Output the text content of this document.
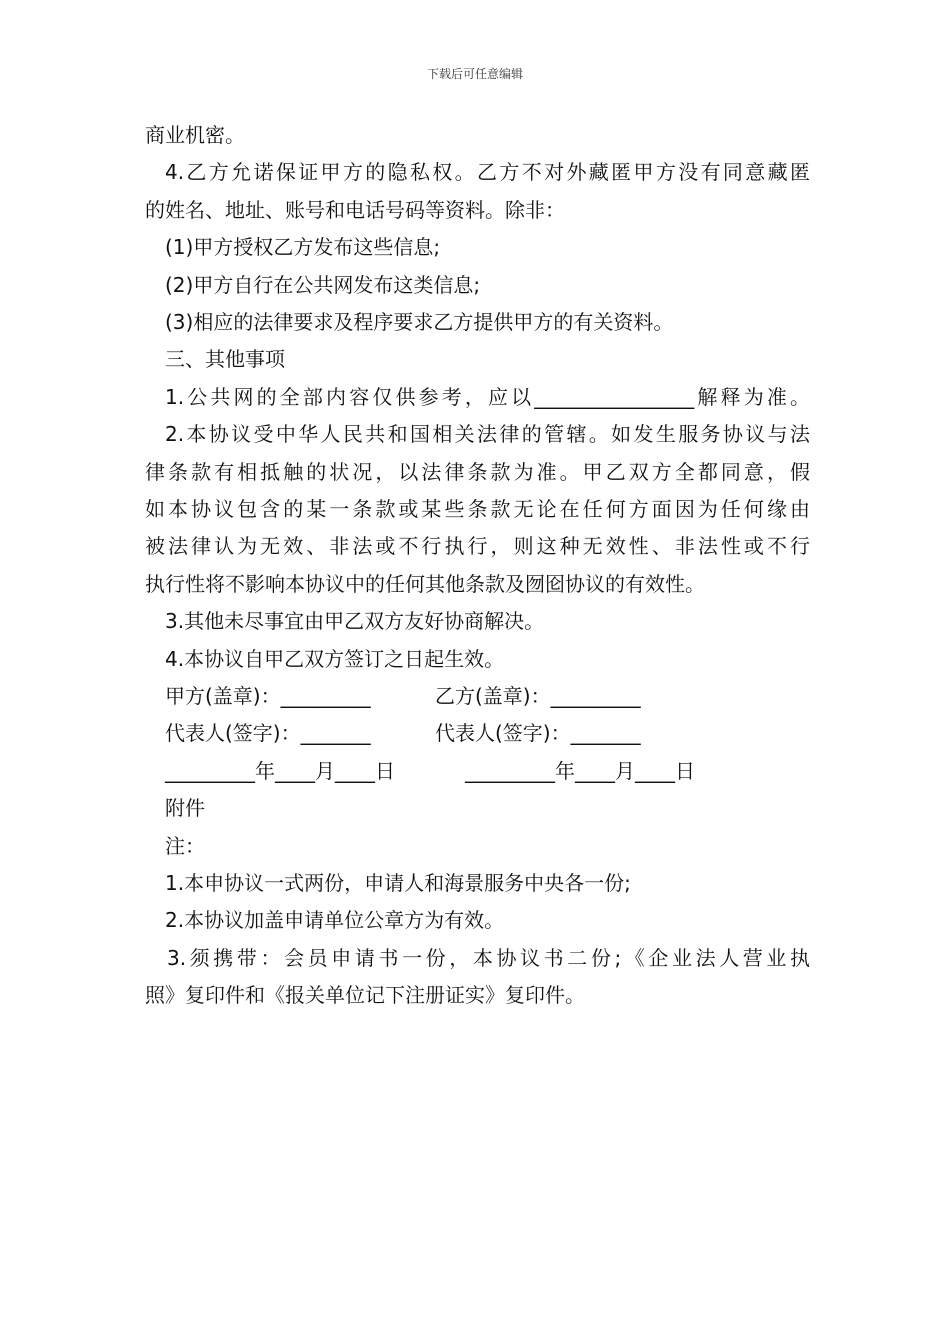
下载后可任意编辑
商业机密。
4.乙方允诺保证甲方的隐私权。乙方不对外藏匿甲方没有同意藏匿
的姓名、地址、账号和电话号码等资料。除非：
(1)甲方授权乙方发布这些信息;
(2)甲方自行在公共网发布这类信息;
(3)相应的法律要求及程序要求乙方提供甲方的有关资料。
三、其他事项
1.公共网的全部内容仅供参考，应以________________解释为准。
2.本协议受中华人民共和国相关法律的管辖。如发生服务协议与法
律条款有相抵触的状况，以法律条款为准。甲乙双方全都同意，假
如本协议包含的某一条款或某些条款无论在任何方面因为任何缘由
被法律认为无效、非法或不行执行，则这种无效性、非法性或不行
执行性将不影响本协议中的任何其他条款及囫囵协议的有效性。
3.其他未尽事宜由甲乙双方友好协商解决。
4.本协议自甲乙双方签订之日起生效。
甲方(盖章)：_________	乙方(盖章)：_________
代表人(签字)：_______	代表人(签字)：_______
_________年____月____日	_________年____月____日
附件
注：
1.本申协议一式两份，申请人和海景服务中央各一份;
2.本协议加盖申请单位公章方为有效。
3.须携带：会员申请书一份，本协议书二份;《企业法人营业执
照》复印件和《报关单位记下注册证实》复印件。
